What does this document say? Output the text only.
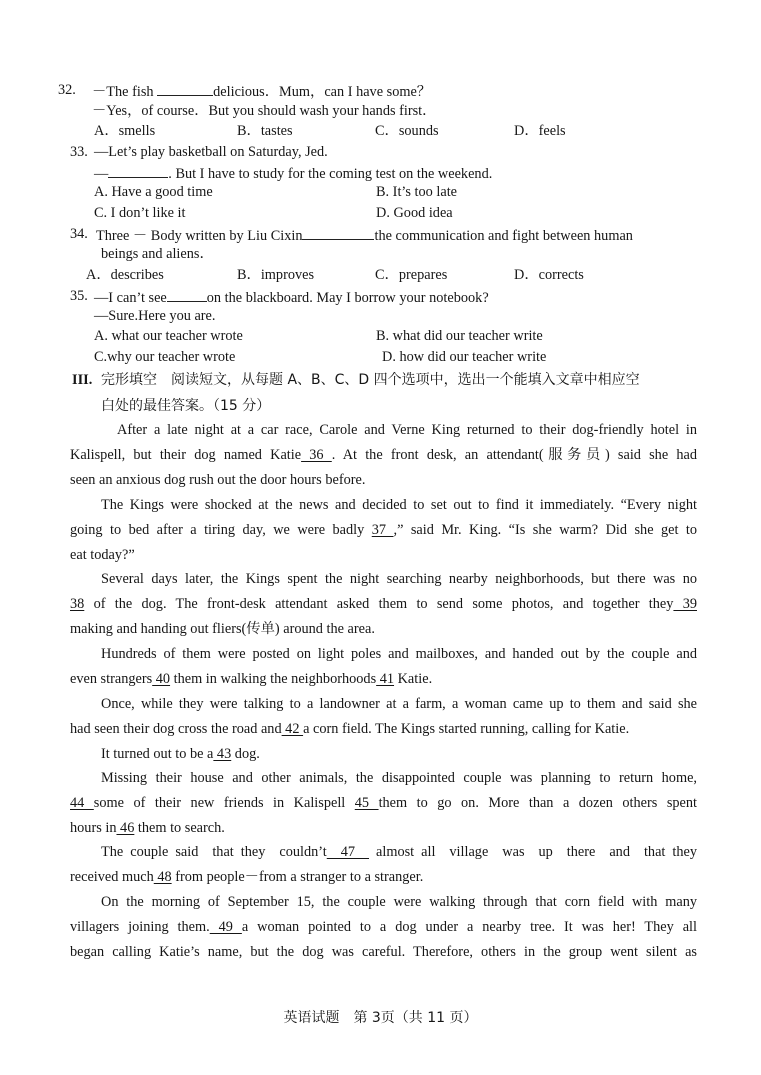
32. －The fish	delicious．Mum，can I have some？
－Yes，of course．But you should wash your hands first．
A．smells	B．tastes	C．sounds	D．feels
33. —Let’s play basketball on Saturday, Jed.
—	. But I have to study for the coming test on the weekend.
A. Have a good time	B. It’s too late
C. I don’t like it	D. Good idea
34. Three － Body written by Liu Cixin	the communication and fight between human
beings and aliens．
A．describes	B．improves	C．prepares	D．corrects
35. —I can’t see	on the blackboard. May I borrow your notebook?
—Sure.Here you are.
A. what our teacher wrote	B. what did our teacher write
C.why our teacher wrote	D. how did our teacher write
III. 完形填空　阅读短文，从每题 A、B、C、D 四个选项中，选出一个能填入文章中相应空
白处的最佳答案。（15 分）
After a late night at a car race, Carole and Verne King returned to their dog-friendly hotel in
Kalispell, but their dog named Katie 36 . At the front desk, an attendant(服务员) said she had
seen an anxious dog rush out the door hours before.
The Kings were shocked at the news and decided to set out to find it immediately. “Every night
going to bed after a tiring day, we were badly 37 ,” said Mr. King. “Is she warm? Did she get to
eat today?”
Several days later, the Kings spent the night searching nearby neighborhoods, but there was no
38 of the dog. The front-desk attendant asked them to send some photos, and together they 39
making and handing out fliers(传单) around the area.
Hundreds of them were posted on light poles and mailboxes, and handed out by the couple and
even strangers 40 them in walking the neighborhoods 41 Katie.
Once, while they were talking to a landowner at a farm, a woman came up to them and said she
had seen their dog cross the road and 42 a corn field. The Kings started running, calling for Katie.
It turned out to be a 43 dog.
Missing their house and other animals, the disappointed couple was planning to return home,
44 some of their new friends in Kalispell 45 them to go on. More than a dozen others spent
hours in 46 them to search.
The couple said  that they  couldn’t  47   almost all  village  was  up  there  and  that they
received much 48 from people－from a stranger to a stranger.
On the morning of September 15, the couple were walking through that corn field with many
villagers joining them. 49 a woman pointed to a dog under a nearby tree. It was her! They all
began calling Katie’s name, but the dog was careful. Therefore, others in the group went silent as
英语试题　第 3页（共 11 页）
